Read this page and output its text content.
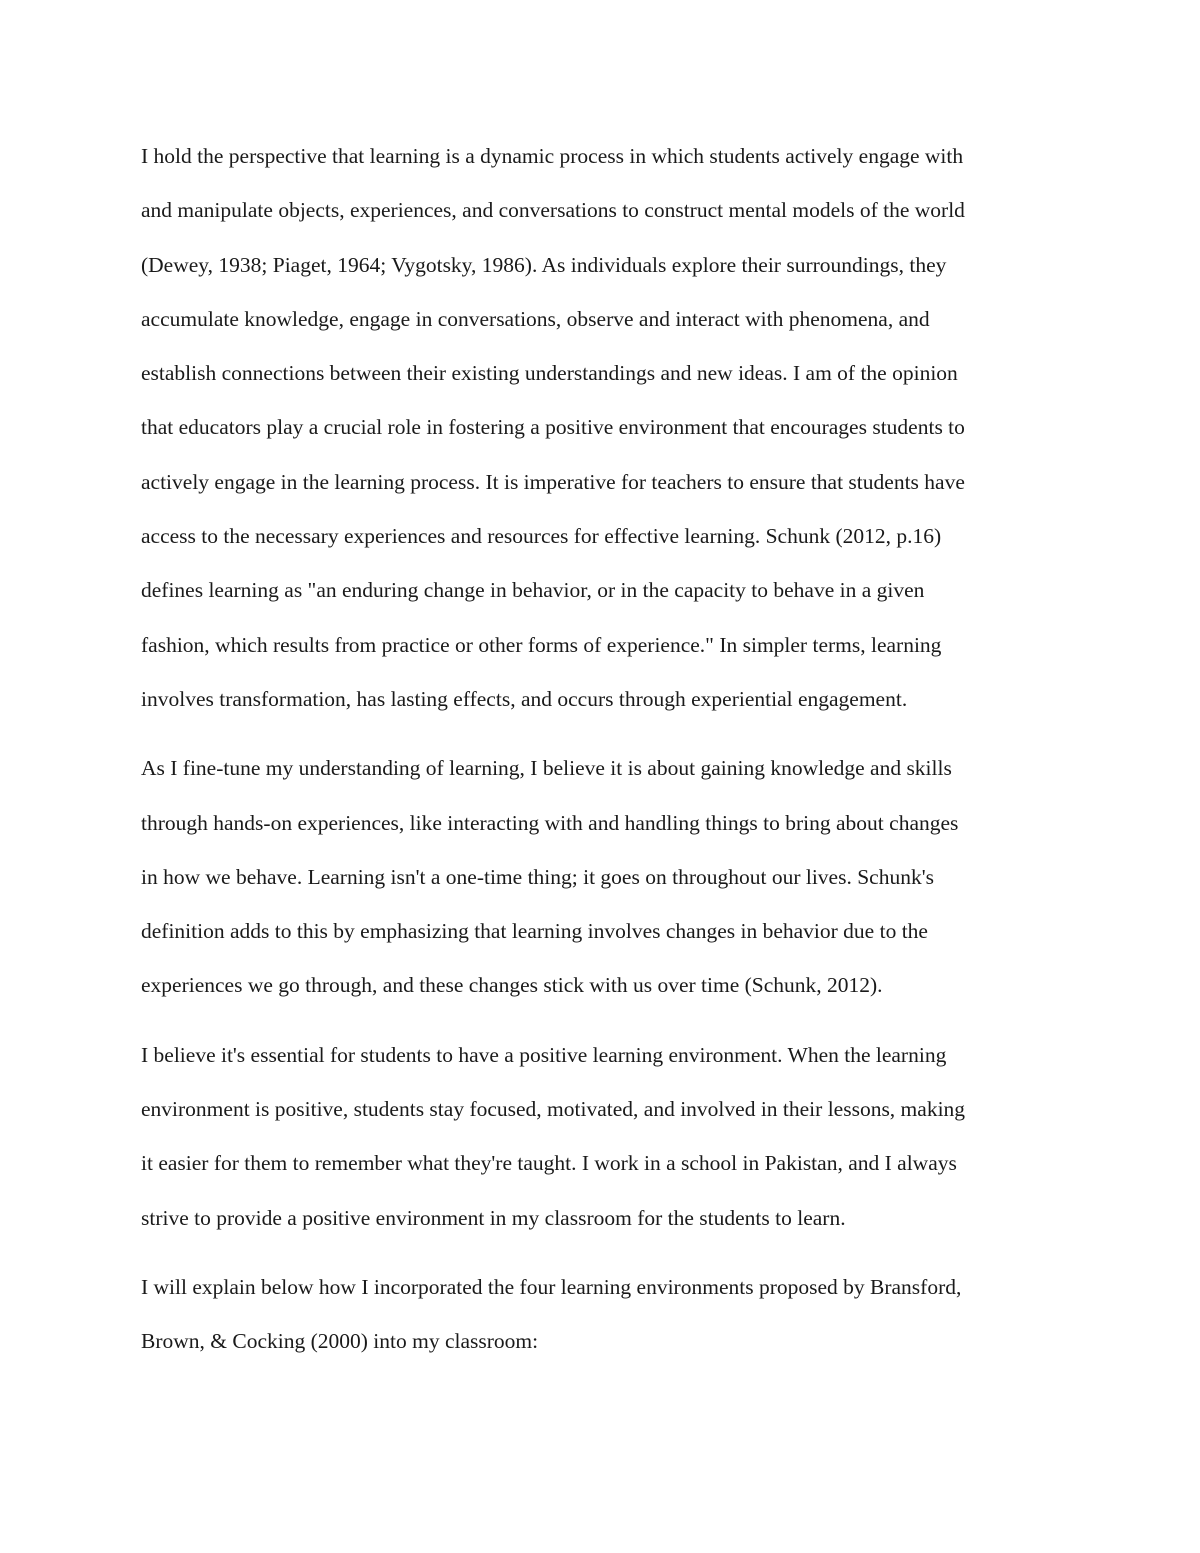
I hold the perspective that learning is a dynamic process in which students actively engage with
and manipulate objects, experiences, and conversations to construct mental models of the world
(Dewey, 1938; Piaget, 1964; Vygotsky, 1986). As individuals explore their surroundings, they
accumulate knowledge, engage in conversations, observe and interact with phenomena, and
establish connections between their existing understandings and new ideas. I am of the opinion
that educators play a crucial role in fostering a positive environment that encourages students to
actively engage in the learning process. It is imperative for teachers to ensure that students have
access to the necessary experiences and resources for effective learning. Schunk (2012, p.16)
defines learning as "an enduring change in behavior, or in the capacity to behave in a given
fashion, which results from practice or other forms of experience." In simpler terms, learning
involves transformation, has lasting effects, and occurs through experiential engagement.

As I fine-tune my understanding of learning, I believe it is about gaining knowledge and skills
through hands-on experiences, like interacting with and handling things to bring about changes
in how we behave. Learning isn't a one-time thing; it goes on throughout our lives. Schunk's
definition adds to this by emphasizing that learning involves changes in behavior due to the
experiences we go through, and these changes stick with us over time (Schunk, 2012).

I believe it's essential for students to have a positive learning environment. When the learning
environment is positive, students stay focused, motivated, and involved in their lessons, making
it easier for them to remember what they're taught. I work in a school in Pakistan, and I always
strive to provide a positive environment in my classroom for the students to learn.

I will explain below how I incorporated the four learning environments proposed by Bransford,
Brown, & Cocking (2000) into my classroom:
